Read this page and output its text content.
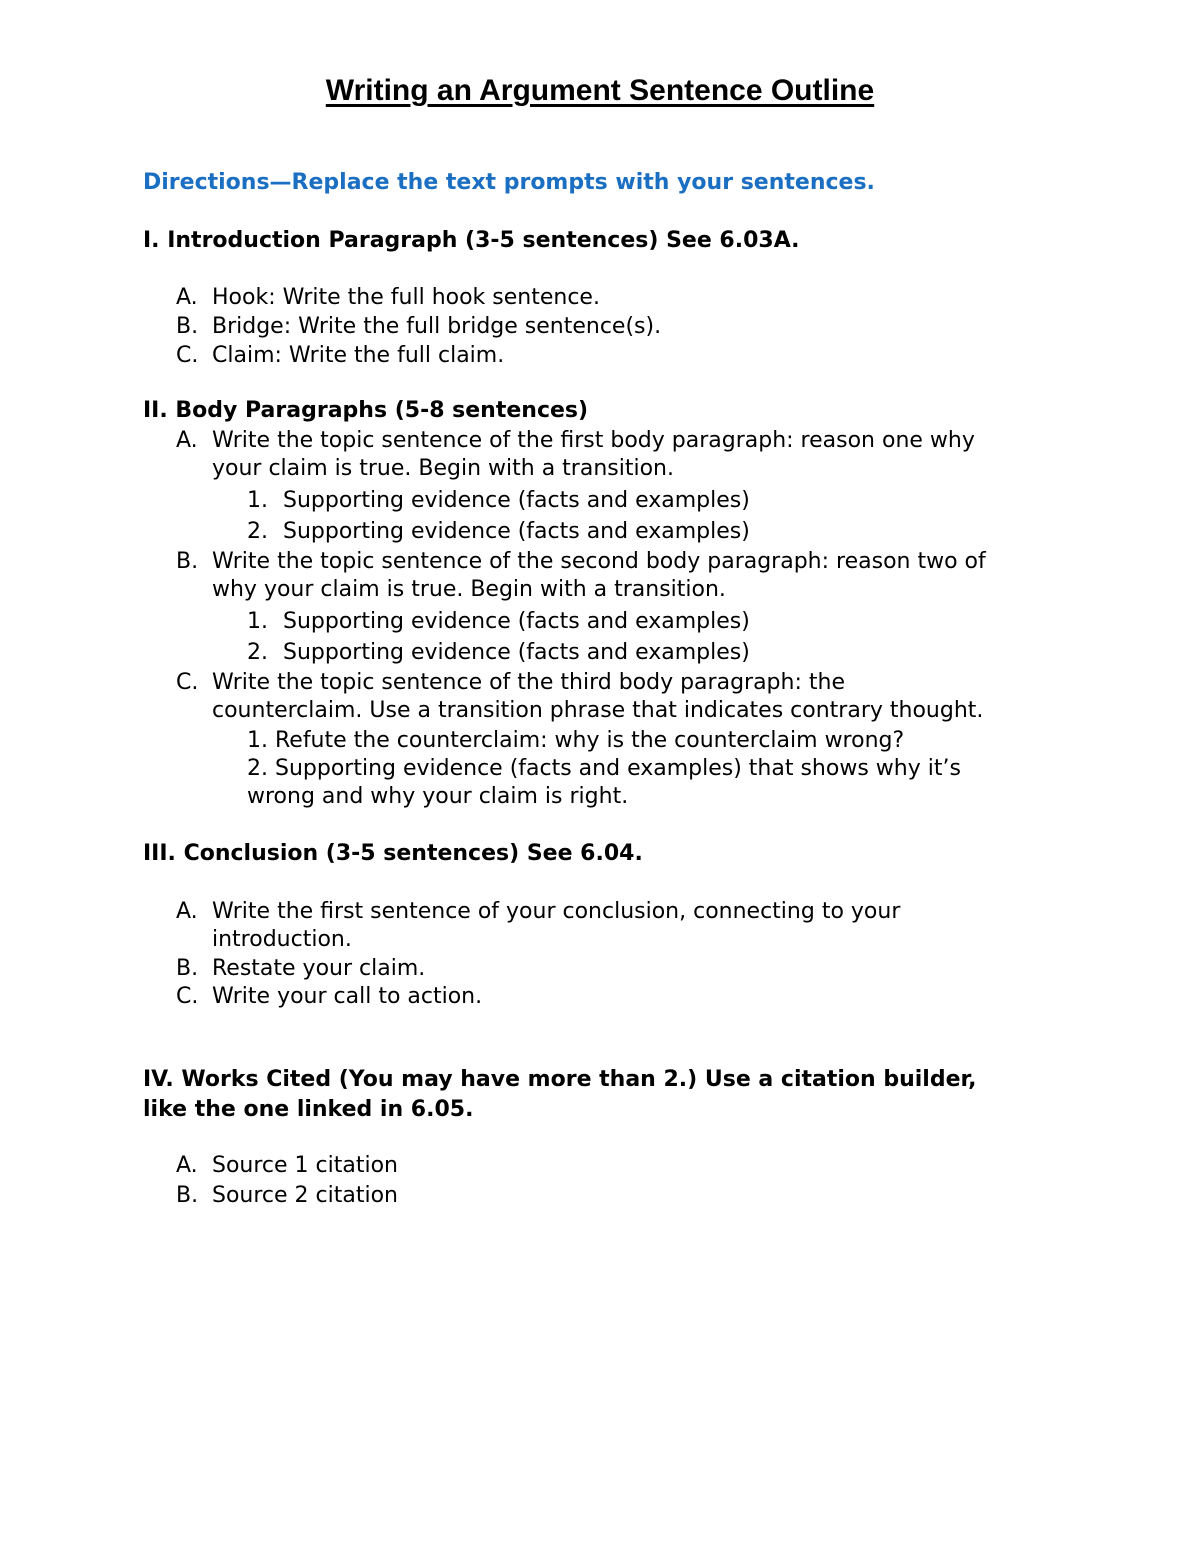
Writing an Argument Sentence Outline
Directions—Replace the text prompts with your sentences.
I. Introduction Paragraph (3-5 sentences) See 6.03A.
A. Hook: Write the full hook sentence.
B. Bridge: Write the full bridge sentence(s).
C. Claim: Write the full claim.
II. Body Paragraphs (5-8 sentences)
A. Write the topic sentence of the first body paragraph: reason one why
your claim is true. Begin with a transition.
1. Supporting evidence (facts and examples)
2. Supporting evidence (facts and examples)
B. Write the topic sentence of the second body paragraph: reason two of
why your claim is true. Begin with a transition.
1. Supporting evidence (facts and examples)
2. Supporting evidence (facts and examples)
C. Write the topic sentence of the third body paragraph: the
counterclaim. Use a transition phrase that indicates contrary thought.
1. Refute the counterclaim: why is the counterclaim wrong?
2. Supporting evidence (facts and examples) that shows why it’s
wrong and why your claim is right.
III. Conclusion (3-5 sentences) See 6.04.
A. Write the first sentence of your conclusion, connecting to your
introduction.
B. Restate your claim.
C. Write your call to action.
IV. Works Cited (You may have more than 2.) Use a citation builder,
like the one linked in 6.05.
A. Source 1 citation
B. Source 2 citation
